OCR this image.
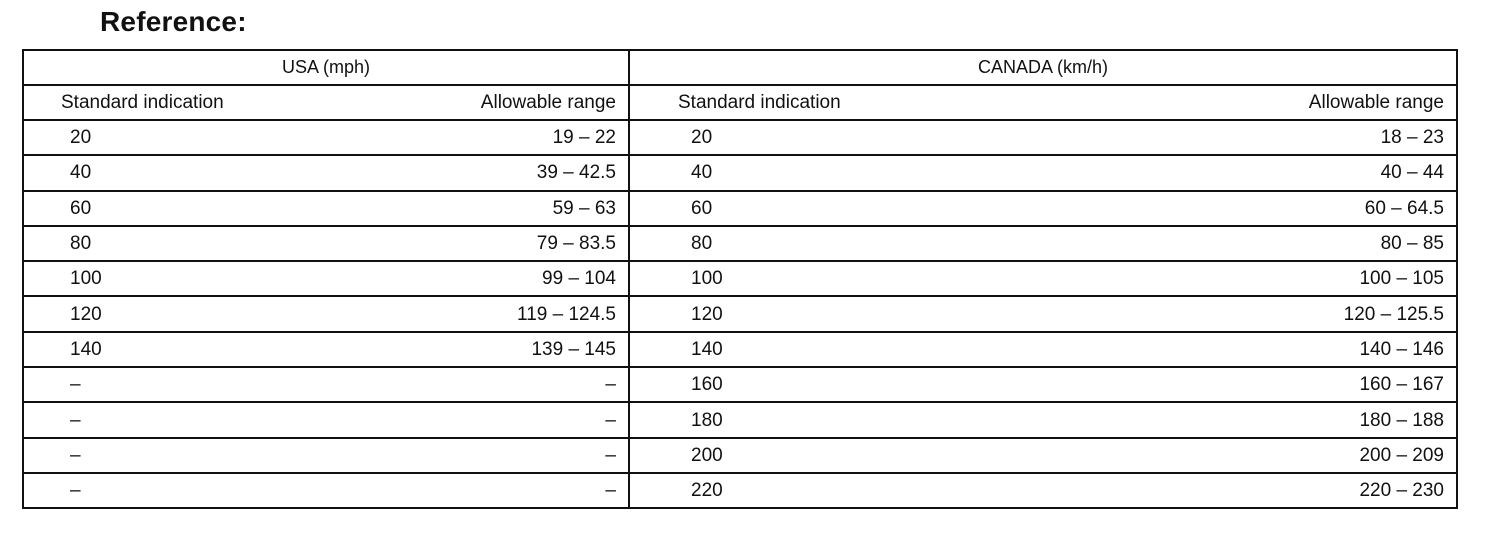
Reference:
USA (mph)		CANADA (km/h)	
Standard indication	Allowable range	Standard indication	Allowable range
20	19 – 22	20	18 – 23
40	39 – 42.5	40	40 – 44
60	59 – 63	60	60 – 64.5
80	79 – 83.5	80	80 – 85
100	99 – 104	100	100 – 105
120	119 – 124.5	120	120 – 125.5
140	139 – 145	140	140 – 146
–	–	160	160 – 167
–	–	180	180 – 188
–	–	200	200 – 209
–	–	220	220 – 230
